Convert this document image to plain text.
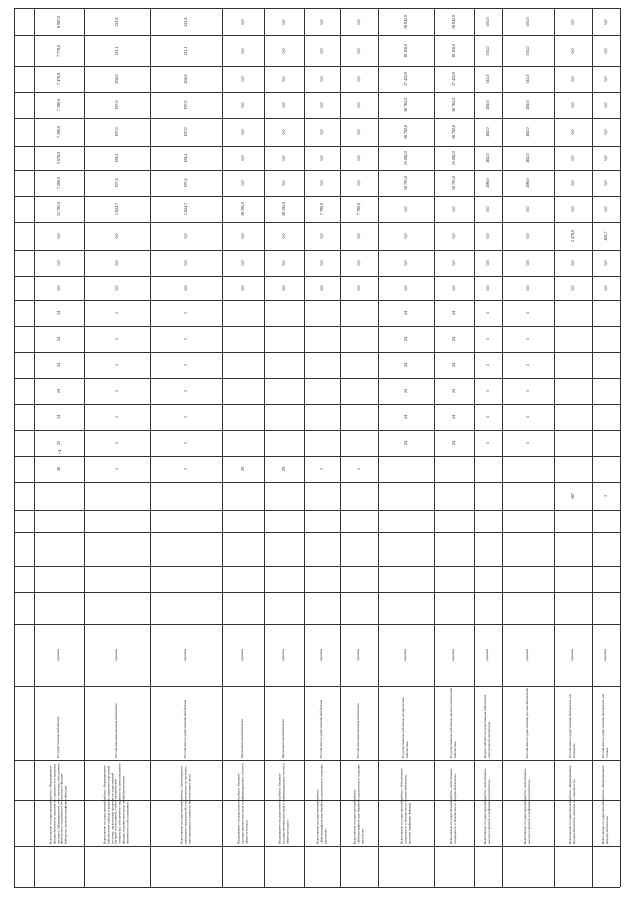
26
25
24
24
24
24
24
0,0
0,0
0,0
15 781,0
7 280,0
5 078,0
7 180,0
7 180,0
7 478,0
7 779,0
8 087,0
единица
Государственная библиотека
Выполнение государственной работы «Формирование фондов библиотек, включая их сохранность и книжные паспорта» (Формирование, учет, изучение, обеспечение физического сохранения и безопасности фондов библиотек, включая оцифровку фондов)
1
1
1
1
1
1
1
0,0
0,0
0,0
1 624,7
197,4
184,1
197,0
197,0
204,0
211,1
221,6
единица
Российская национальная библиотека
Выполнение государственной работы «Формирование библиотечного фонда и ведение справочно-поисковой системы; организация хранения государственной научной и культурной, учебно-методической литературы; обеспечение сохранности, комплектования фондов, ведения каталогов, межбиблиотечного абонемента и обслуживания»
1
1
1
1
1
1
1
0,0
0,0
0,0
1 624,7
197,4
184,1
197,0
197,0
204,0
211,1
221,6
единица
Российская государственная библиотека
Выполнение государственной работы «Организация и проведение мероприятий, направленных на изучение, популяризацию и развитие библиотечного дела»
29
0,0
0,0
0,0
16 195,0
0,0
0,0
0,0
0,0
0,0
0,0
0,0
единица
Президентская библиотека
Поддержание государственной работы «Ведение государственных реестров и информационных систем в сфере культуры»
29
0,0
0,0
0,0
16 195,0
0,0
0,0
0,0
0,0
0,0
0,0
0,0
единица
Президентская библиотека
Поддержание государственной работы «Ведение государственных реестров и информационных систем в сфере культуры»
1
0,0
0,0
0,0
7 780,0
0,0
0,0
0,0
0,0
0,0
0,0
0,0
единица
Российская государственная библиотека
Выполнение государственной работы «Библиографическая обработка документов и создание каталогов»
1
0,0
0,0
0,0
7 780,0
0,0
0,0
0,0
0,0
0,0
0,0
0,0
единица
Российская национальная библиотека
Выполнение государственной работы «Библиографическая обработка документов и создание каталогов»
24
24
24
24
24
24
0,0
0,0
0,0
0,0
16 791,0
15 092,0
16 792,0
16 762,0
17 422,0
18 118,0
18 842,0
единица
Государственная публичная историческая библиотека
Выполнение государственной работы «Обеспечение сохранности и безопасности фондов библиотек, включая оцифровку фондов»
24
24
24
24
24
24
0,0
0,0
0,0
0,0
16 791,0
15 092,0
16 792,0
16 762,0
17 422,0
18 118,0
18 842,0
единица
Государственная публичная научно-техническая библиотека
Выполнение государственной работы «Обеспечение сохранности и безопасности фондов библиотек»
1
1
1
1
1
1
0,0
0,0
0,0
0,0
498,0
462,0
492,0
492,0
512,0
533,0
555,0
единица
Всероссийская государственная библиотека иностранной литературы
Выполнение государственной работы «Обеспечение доступа к фондам и информации библиотек»
1
1
1
1
1
1
0,0
0,0
0,0
0,0
498,0
462,0
492,0
492,0
512,0
533,0
555,0
единица
Российская государственная детская библиотека
Выполнение государственной работы «Обеспечение доступа к фондам и информации библиотек»
567
0,0
0,0
2 479,0
0,0
0,0
0,0
0,0
0,0
0,0
0,0
0,0
единица
Российская государственная библиотека для молодежи
Выполнение государственной работы «Формирование фондов библиотек, включая их сохранность»
1
0,0
0,0
405,7
0,0
0,0
0,0
0,0
0,0
0,0
0,0
0,0
единица
Российская государственная библиотека для слепых
Выполнение государственной работы «Формирование фондов библиотек»
7
